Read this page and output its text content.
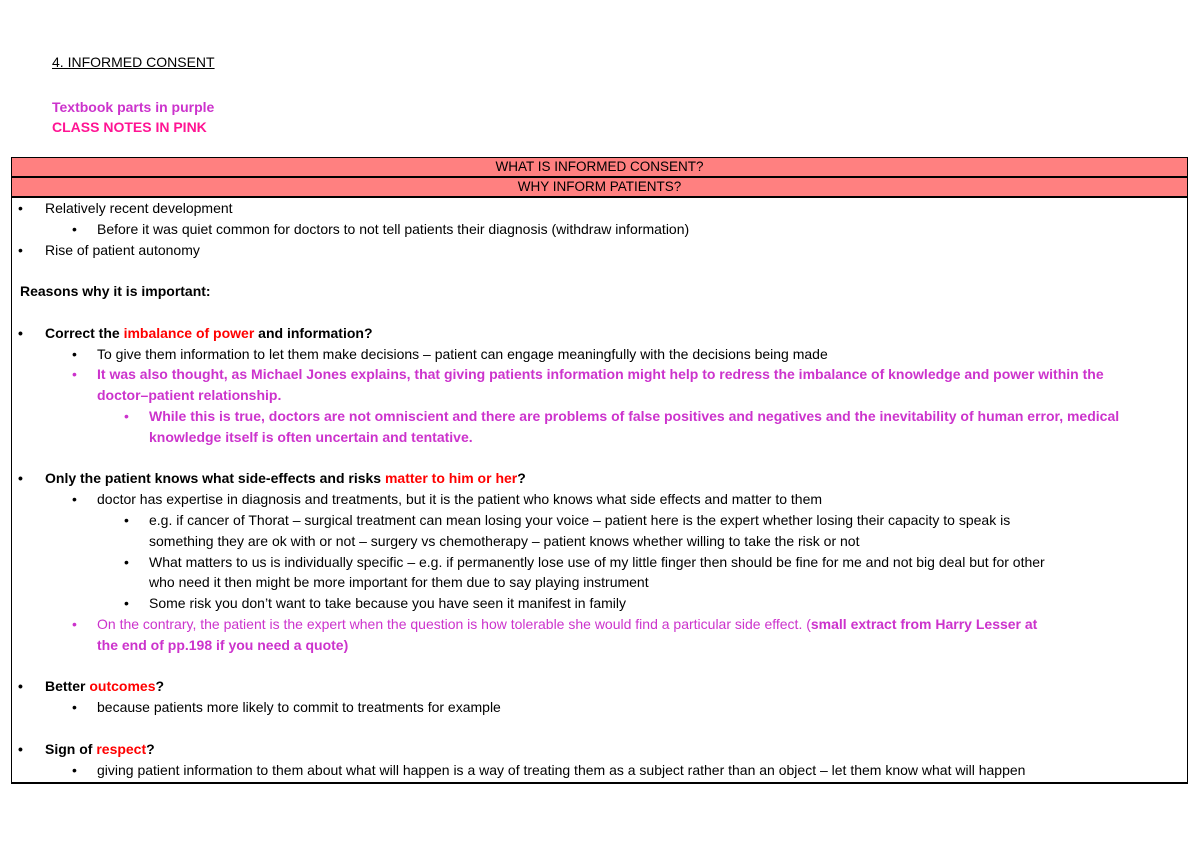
4. INFORMED CONSENT
Textbook parts in purple
CLASS NOTES IN PINK
WHAT IS INFORMED CONSENT?
WHY INFORM PATIENTS?
• Relatively recent development
• Before it was quiet common for doctors to not tell patients their diagnosis (withdraw information)
• Rise of patient autonomy
Reasons why it is important:
• Correct the imbalance of power and information?
• To give them information to let them make decisions – patient can engage meaningfully with the decisions being made
• It was also thought, as Michael Jones explains, that giving patients information might help to redress the imbalance of knowledge and power within the
doctor–patient relationship.
• While this is true, doctors are not omniscient and there are problems of false positives and negatives and the inevitability of human error, medical
knowledge itself is often uncertain and tentative.
• Only the patient knows what side-effects and risks matter to him or her?
• doctor has expertise in diagnosis and treatments, but it is the patient who knows what side effects and matter to them
• e.g. if cancer of Thorat – surgical treatment can mean losing your voice – patient here is the expert whether losing their capacity to speak is
something they are ok with or not – surgery vs chemotherapy – patient knows whether willing to take the risk or not
• What matters to us is individually specific – e.g. if permanently lose use of my little finger then should be fine for me and not big deal but for other
who need it then might be more important for them due to say playing instrument
• Some risk you don’t want to take because you have seen it manifest in family
• On the contrary, the patient is the expert when the question is how tolerable she would find a particular side effect. (small extract from Harry Lesser at
the end of pp.198 if you need a quote)
• Better outcomes?
• because patients more likely to commit to treatments for example
• Sign of respect?
• giving patient information to them about what will happen is a way of treating them as a subject rather than an object – let them know what will happen
